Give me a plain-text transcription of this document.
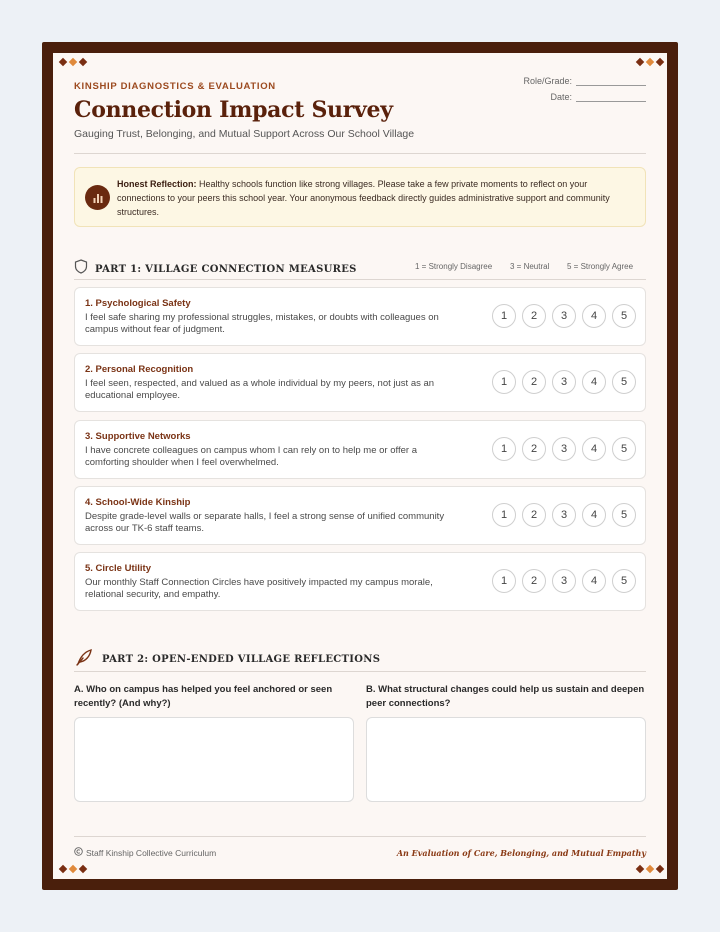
KINSHIP DIAGNOSTICS & EVALUATION
Connection Impact Survey
Gauging Trust, Belonging, and Mutual Support Across Our School Village
Role/Grade:
Date:
Honest Reflection: Healthy schools function like strong villages. Please take a few private moments to reflect on your connections to your peers this school year. Your anonymous feedback directly guides administrative support and community structures.
PART 1: VILLAGE CONNECTION MEASURES	1 = Strongly Disagree 3 = Neutral 5 = Strongly Agree
1. Psychological Safety
I feel safe sharing my professional struggles, mistakes, or doubts with colleagues on campus without fear of judgment.
1	2	3	4	5
2. Personal Recognition
I feel seen, respected, and valued as a whole individual by my peers, not just as an educational employee.
1	2	3	4	5
3. Supportive Networks
I have concrete colleagues on campus whom I can rely on to help me or offer a comforting shoulder when I feel overwhelmed.
1	2	3	4	5
4. School-Wide Kinship
Despite grade-level walls or separate halls, I feel a strong sense of unified community across our TK-6 staff teams.
1	2	3	4	5
5. Circle Utility
Our monthly Staff Connection Circles have positively impacted my campus morale, relational security, and empathy.
1	2	3	4	5
PART 2: OPEN-ENDED VILLAGE REFLECTIONS
A. Who on campus has helped you feel anchored or seen recently? (And why?)
B. What structural changes could help us sustain and deepen peer connections?
Staff Kinship Collective Curriculum	An Evaluation of Care, Belonging, and Mutual Empathy
